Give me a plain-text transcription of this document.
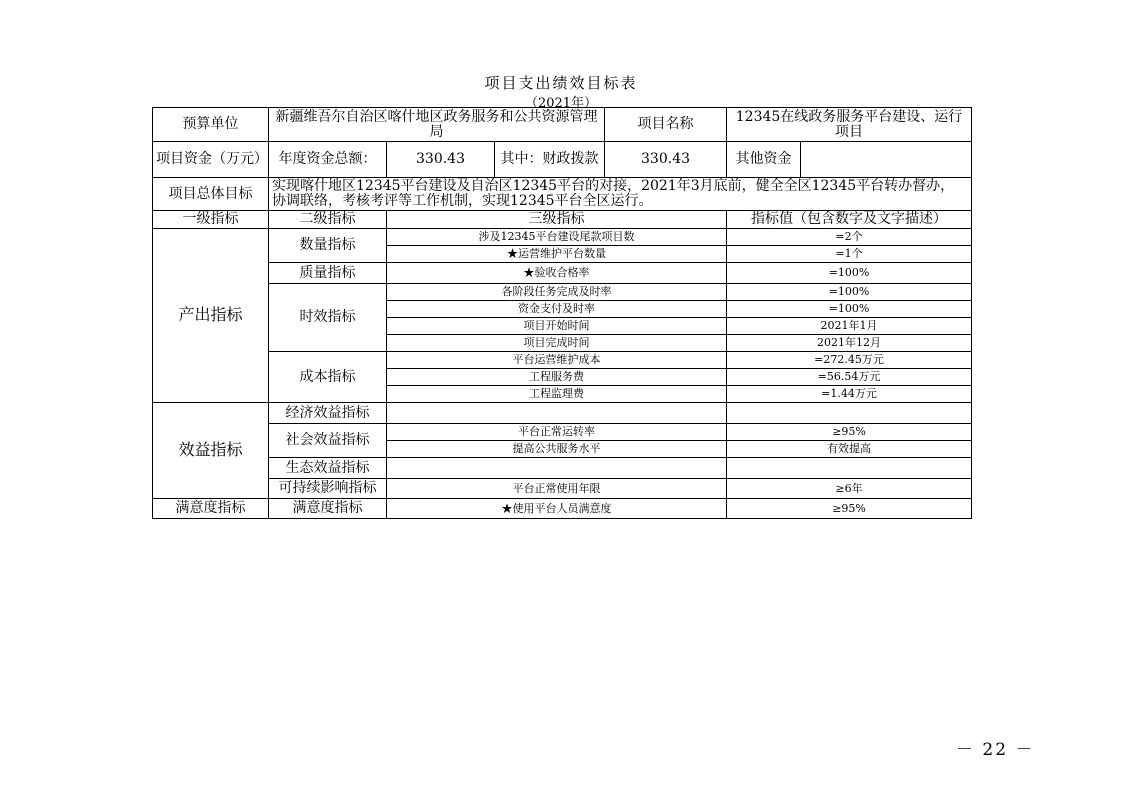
项目支出绩效目标表
（2021年）
预算单位	新疆维吾尔自治区喀什地区政务服务和公共资源管理局			项目名称	12345在线政务服务平台建设、运行项目	
项目资金（万元）	年度资金总额：	330.43	其中：财政拨款	330.43	其他资金	
项目总体目标	实现喀什地区12345平台建设及自治区12345平台的对接，2021年3月底前，健全全区12345平台转办督办，协调联络，考核考评等工作机制，实现12345平台全区运行。					
一级指标	二级指标	三级指标			指标值（包含数字及文字描述）	
产出指标	数量指标	涉及12345平台建设尾款项目数			=2个	
		★运营维护平台数量			=1个	
	质量指标	★验收合格率			=100%	
	时效指标	各阶段任务完成及时率			=100%	
		资金支付及时率			=100%	
		项目开始时间			2021年1月	
		项目完成时间			2021年12月	
	成本指标	平台运营维护成本			=272.45万元	
		工程服务费			=56.54万元	
		工程监理费			=1.44万元	
效益指标	经济效益指标					
	社会效益指标	平台正常运转率			≥95%	
		提高公共服务水平			有效提高	
	生态效益指标					
	可持续影响指标	平台正常使用年限			≥6年	
满意度指标	满意度指标	★使用平台人员满意度			≥95%	
－ 22 －
